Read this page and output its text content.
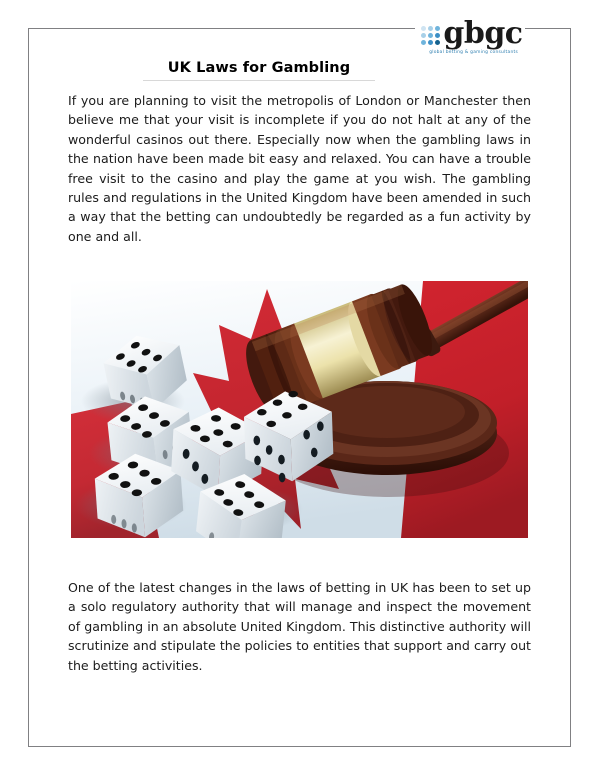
gbgc
global betting & gaming consultants
UK Laws for Gambling

If you are planning to visit the metropolis of London or Manchester then believe me that your visit is incomplete if you do not halt at any of the wonderful casinos out there. Especially now when the gambling laws in the nation have been made bit easy and relaxed. You can have a trouble free visit to the casino and play the game at you wish. The gambling rules and regulations in the United Kingdom have been amended in such a way that the betting can undoubtedly be regarded as a fun activity by one and all.

One of the latest changes in the laws of betting in UK has been to set up a solo regulatory authority that will manage and inspect the movement of gambling in an absolute United Kingdom. This distinctive authority will scrutinize and stipulate the policies to entities that support and carry out the betting activities.
